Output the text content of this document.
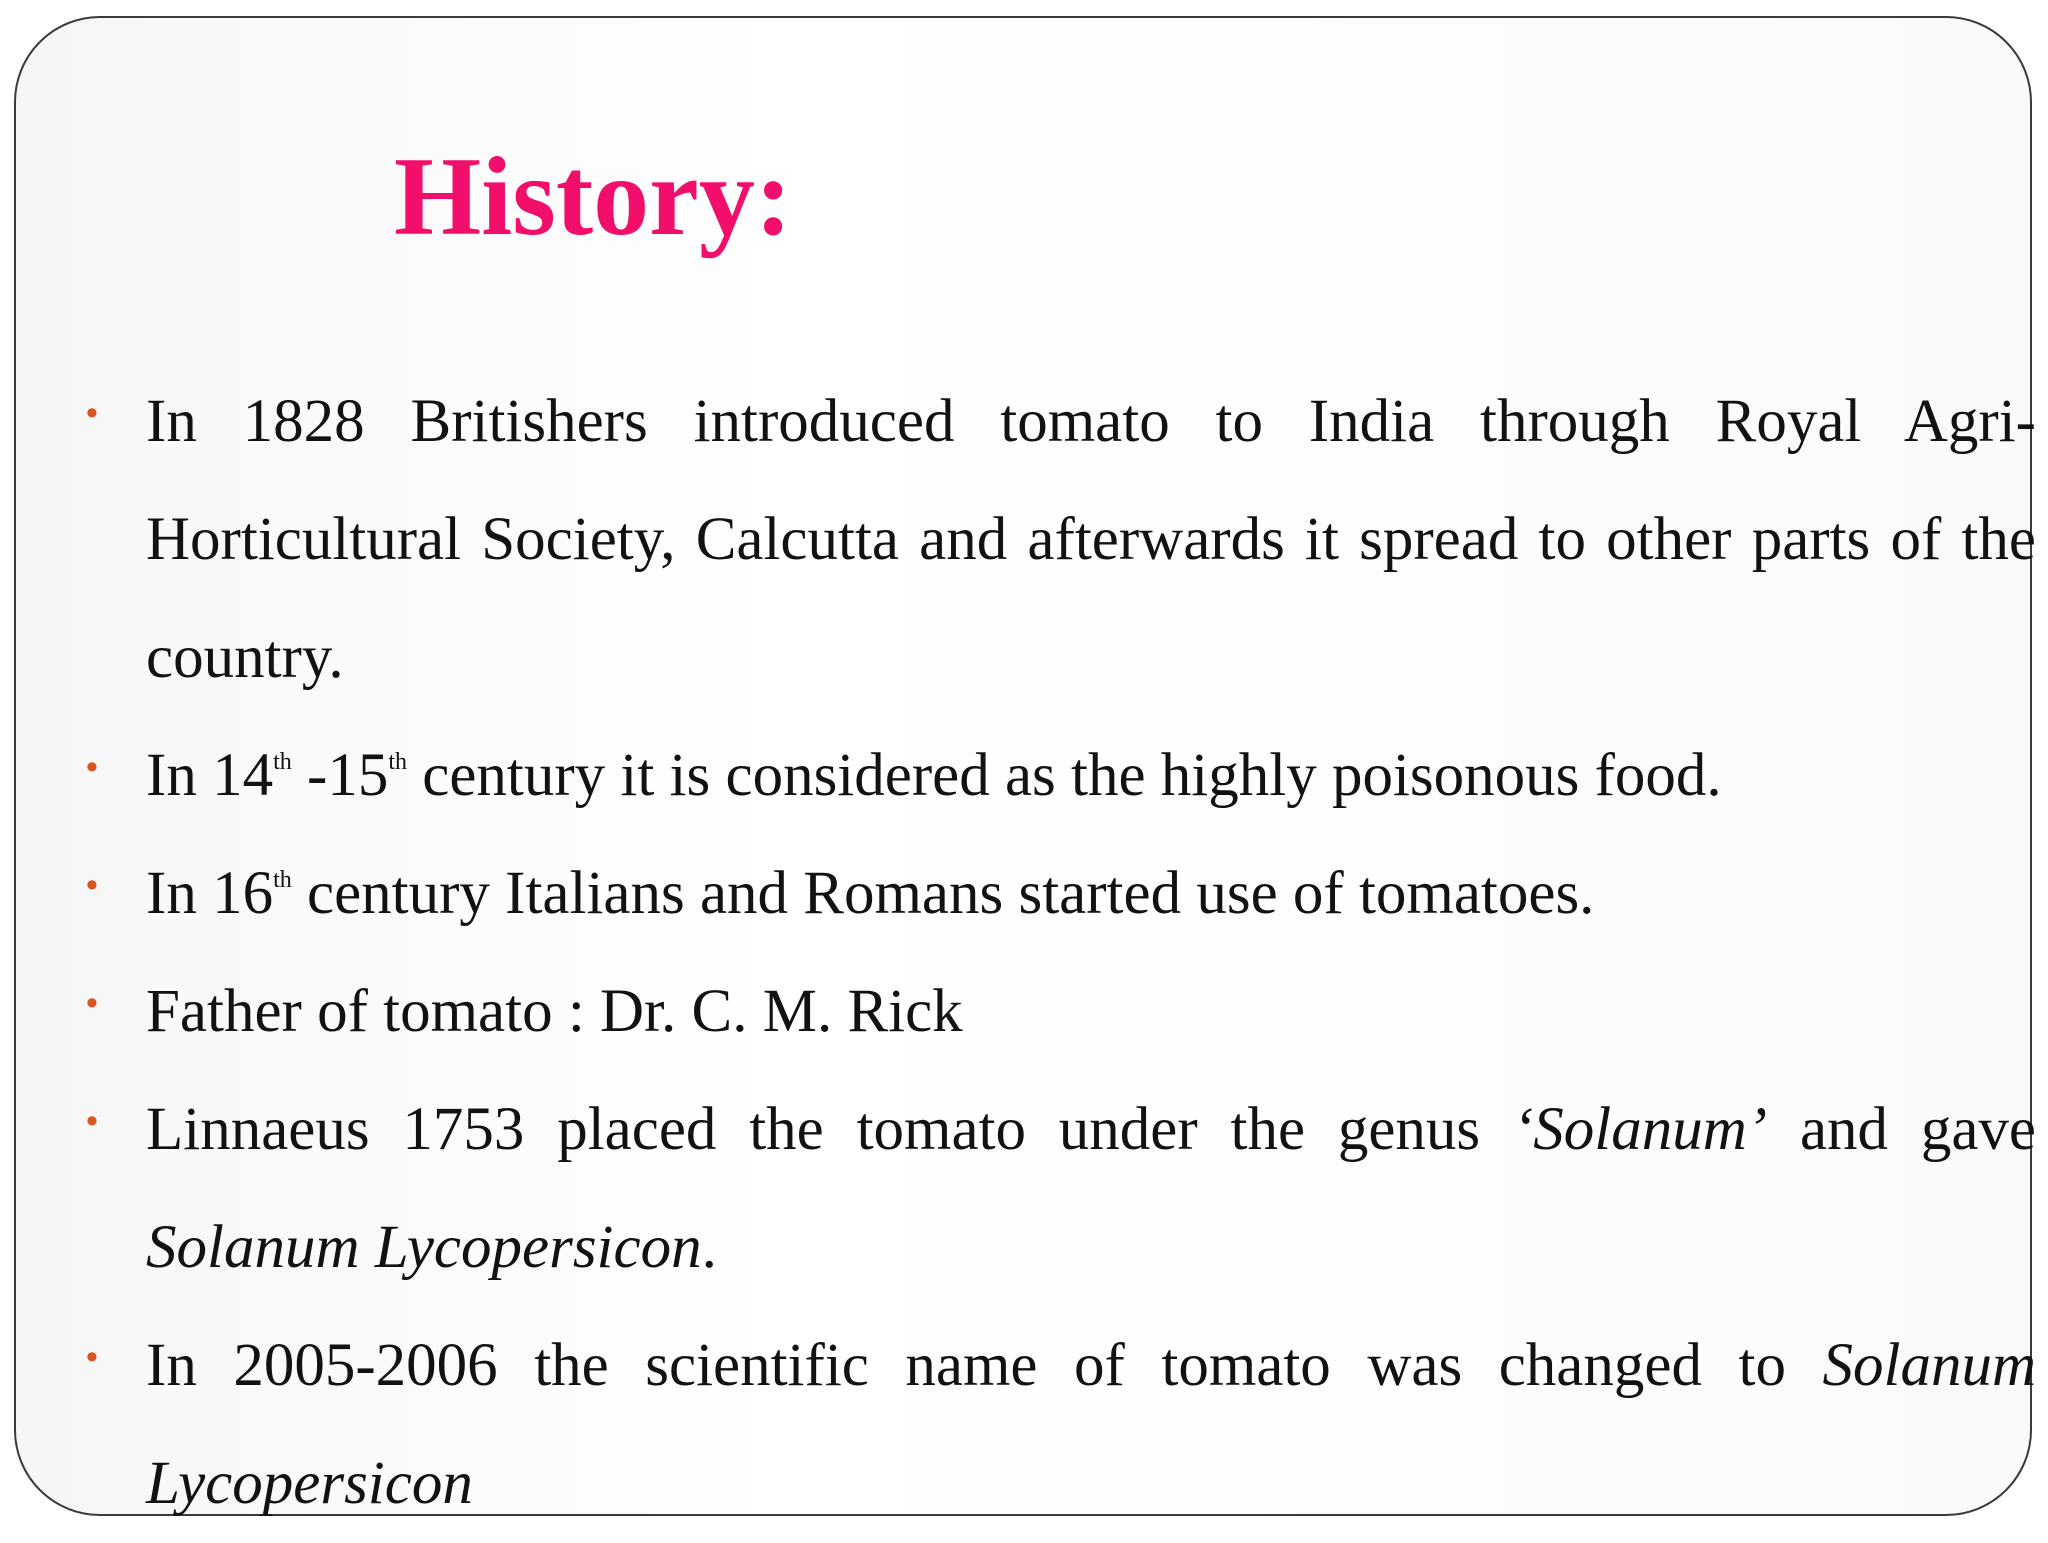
History:
• In 1828 Britishers introduced tomato to India through Royal Agri-Horticultural Society, Calcutta and afterwards it spread to other parts of the country.
• In 14th -15th century it is considered as the highly poisonous food.
• In 16th century Italians and Romans started use of tomatoes.
• Father of tomato : Dr. C. M. Rick
• Linnaeus 1753 placed the tomato under the genus ‘Solanum’ and gave Solanum Lycopersicon.
• In 2005-2006 the scientific name of tomato was changed to Solanum Lycopersicon
